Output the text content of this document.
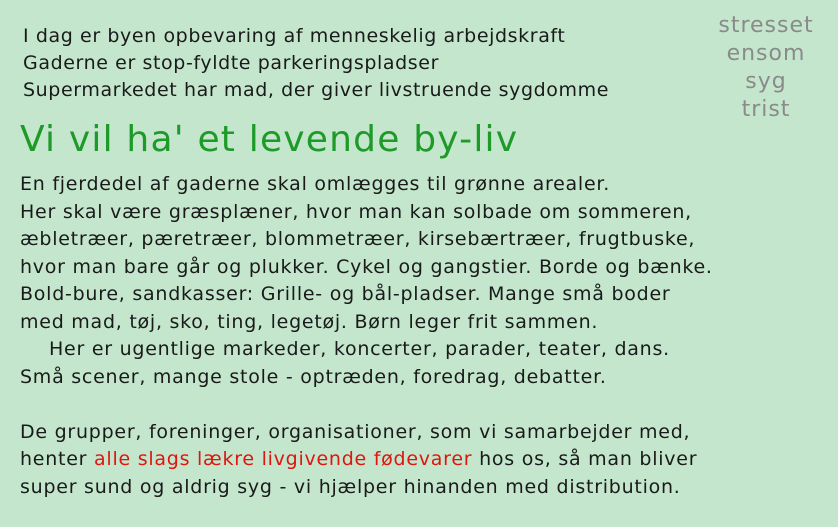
I dag er byen opbevaring af menneskelig arbejdskraft
Gaderne er stop-fyldte parkeringspladser
Supermarkedet har mad, der giver livstruende sygdomme
stresset
ensom
syg
trist
Vi vil ha' et levende by-liv
En fjerdedel af gaderne skal omlægges til grønne arealer.
Her skal være græsplæner, hvor man kan solbade om sommeren,
æbletræer, pæretræer, blommetræer, kirsebærtræer, frugtbuske,
hvor man bare går og plukker. Cykel og gangstier. Borde og bænke.
Bold-bure, sandkasser: Grille- og bål-pladser. Mange små boder
med mad, tøj, sko, ting, legetøj. Børn leger frit sammen.
Her er ugentlige markeder, koncerter, parader, teater, dans.
Små scener, mange stole - optræden, foredrag, debatter.
De grupper, foreninger, organisationer, som vi samarbejder med,
henter alle slags lækre livgivende fødevarer hos os, så man bliver
super sund og aldrig syg - vi hjælper hinanden med distribution.
